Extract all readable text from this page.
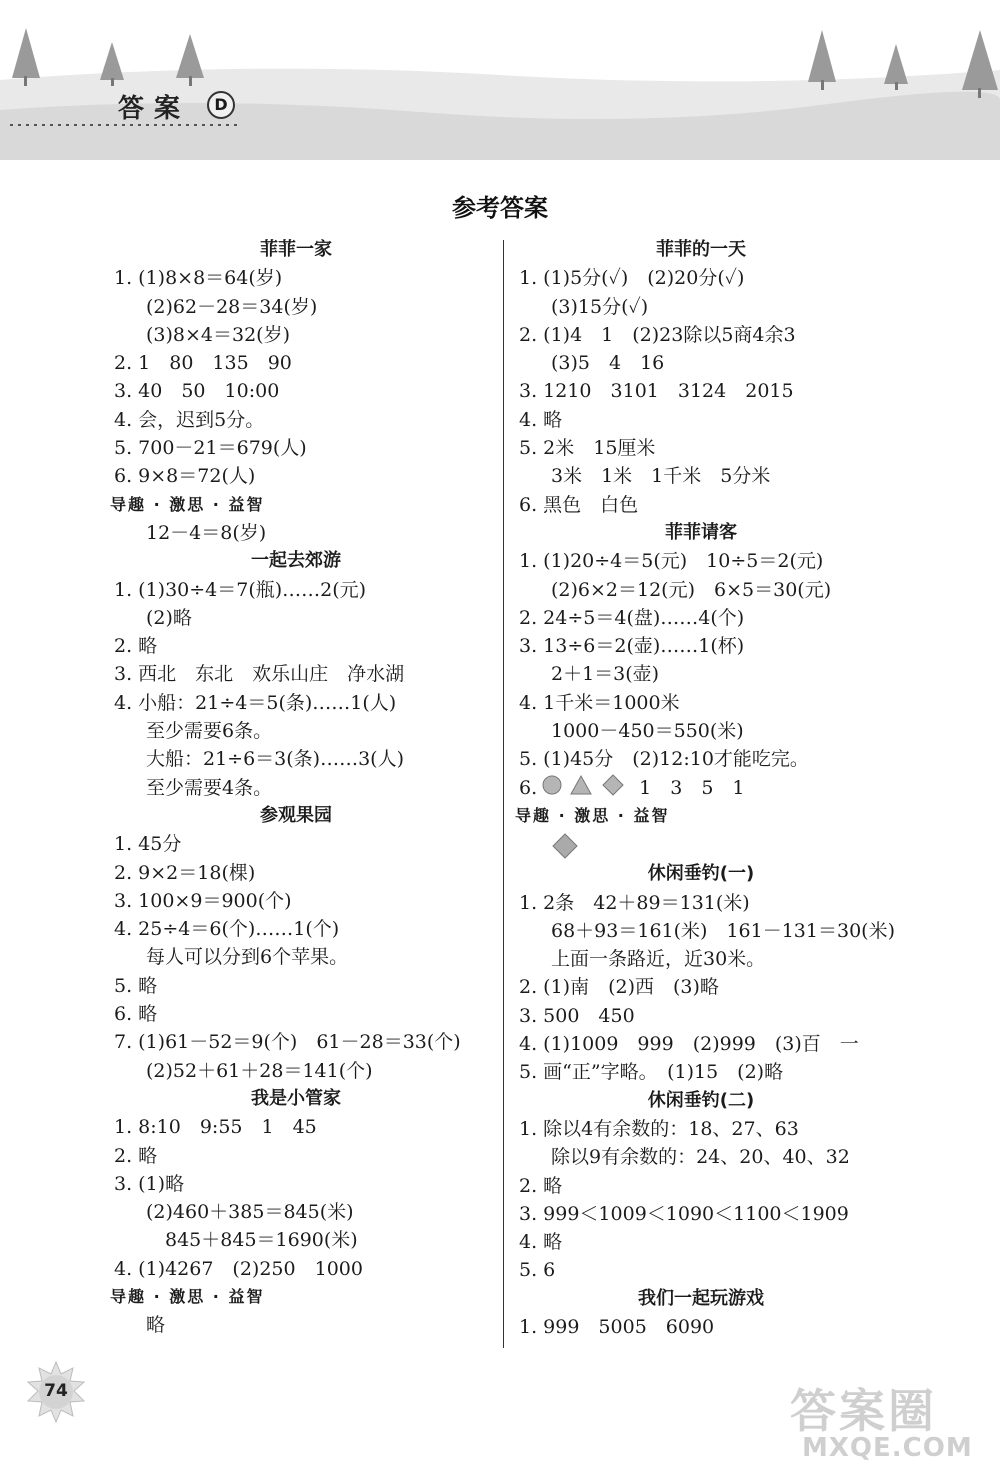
答案	D
参考答案
菲菲一家
1. (1)8×8＝64(岁)
(2)62－28＝34(岁)
(3)8×4＝32(岁)
2. 1　80　135　90
3. 40　50　10:00
4. 会，迟到5分。
5. 700－21＝679(人)
6. 9×8＝72(人)
导趣 · 激思 · 益智
12－4＝8(岁)
一起去郊游
1. (1)30÷4＝7(瓶)……2(元)
(2)略
2. 略
3. 西北　东北　欢乐山庄　净水湖
4. 小船：21÷4＝5(条)……1(人)
至少需要6条。
大船：21÷6＝3(条)……3(人)
至少需要4条。
参观果园
1. 45分
2. 9×2＝18(棵)
3. 100×9＝900(个)
4. 25÷4＝6(个)……1(个)
每人可以分到6个苹果。
5. 略
6. 略
7. (1)61－52＝9(个)　61－28＝33(个)
(2)52＋61＋28＝141(个)
我是小管家
1. 8:10　9:55　1　45
2. 略
3. (1)略
(2)460＋385＝845(米)
　845＋845＝1690(米)
4. (1)4267　(2)250　1000
导趣 · 激思 · 益智
略
菲菲的一天
1. (1)5分(✓)　(2)20分(✓)
(3)15分(✓)
2. (1)4　1　(2)23除以5商4余3
(3)5　4　16
3. 1210　3101　3124　2015
4. 略
5. 2米　15厘米
3米　1米　1千米　5分米
6. 黑色　白色
菲菲请客
1. (1)20÷4＝5(元)　10÷5＝2(元)
(2)6×2＝12(元)　6×5＝30(元)
2. 24÷5＝4(盘)……4(个)
3. 13÷6＝2(壶)……1(杯)
2＋1＝3(壶)
4. 1千米＝1000米
1000－450＝550(米)
5. (1)45分　(2)12:10才能吃完。
6.	1　3　5　1
导趣 · 激思 · 益智
休闲垂钓(一)
1. 2条　42＋89＝131(米)
68＋93＝161(米)　161－131＝30(米)
上面一条路近，近30米。
2. (1)南　(2)西　(3)略
3. 500　450
4. (1)1009　999　(2)999　(3)百　一
5. 画“正”字略。　(1)15　(2)略
休闲垂钓(二)
1. 除以4有余数的：18、27、63
除以9有余数的：24、20、40、32
2. 略
3. 999＜1009＜1090＜1100＜1909
4. 略
5. 6
我们一起玩游戏
1. 999　5005　6090
74	答案圈
MXQE.COM
